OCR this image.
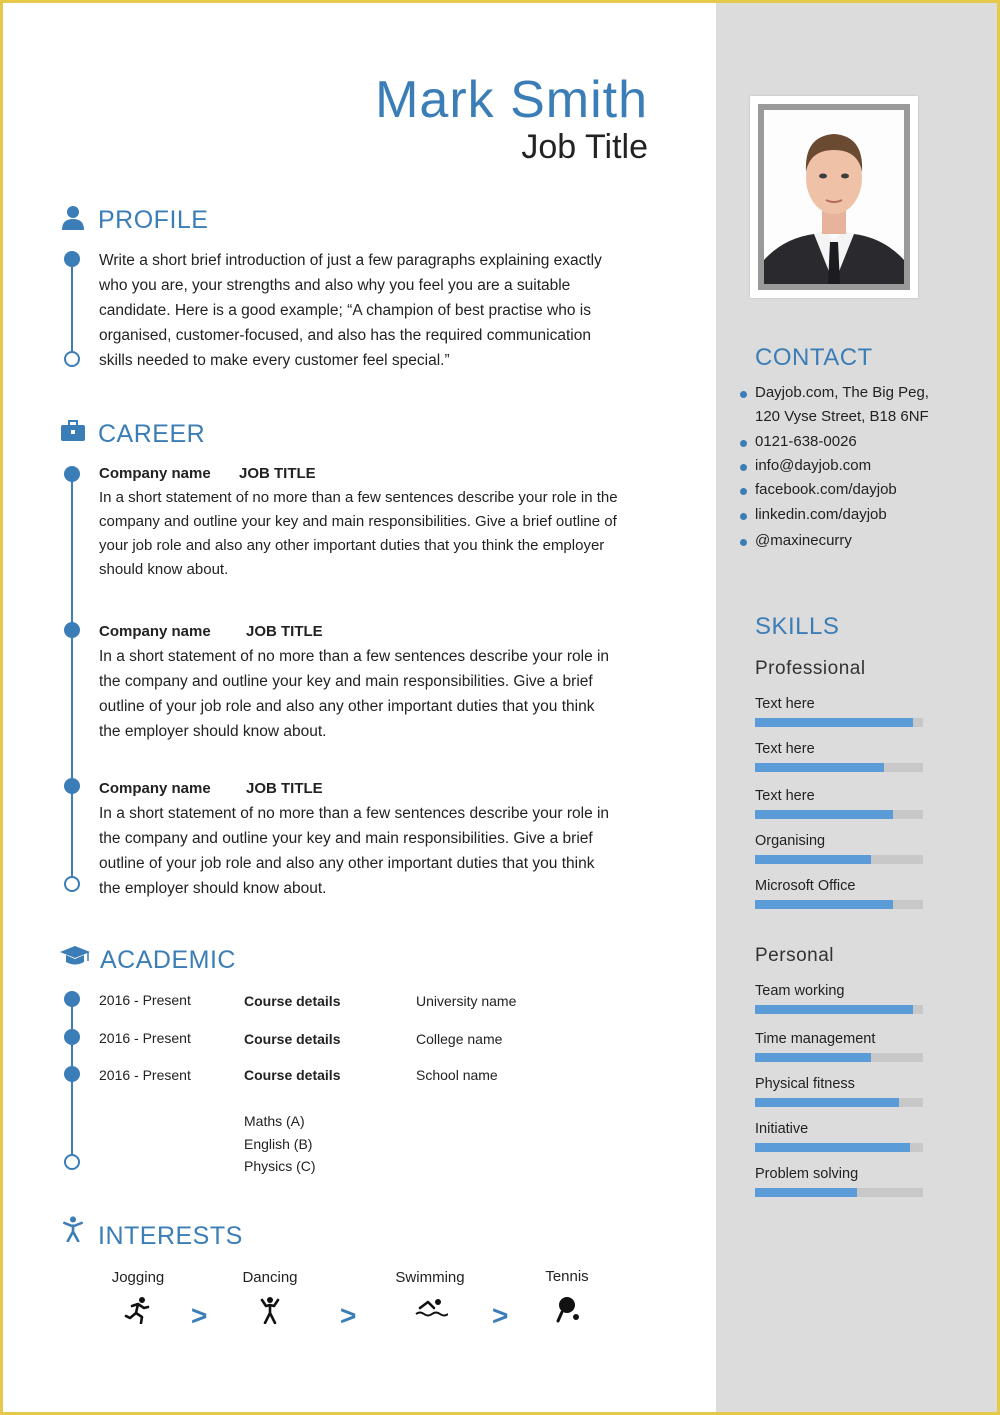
Mark Smith
Job Title
PROFILE
Write a short brief introduction of just a few paragraphs explaining exactly
who you are, your strengths and also why you feel you are a suitable
candidate. Here is a good example; “A champion of best practise who is
organised, customer-focused, and also has the required communication
skills needed to make every customer feel special.”
CAREER
Company name JOB TITLE
In a short statement of no more than a few sentences describe your role in the
company and outline your key and main responsibilities. Give a brief outline of
your job role and also any other important duties that you think the employer
should know about.
Company name JOB TITLE
In a short statement of no more than a few sentences describe your role in
the company and outline your key and main responsibilities. Give a brief
outline of your job role and also any other important duties that you think
the employer should know about.
Company name JOB TITLE
In a short statement of no more than a few sentences describe your role in
the company and outline your key and main responsibilities. Give a brief
outline of your job role and also any other important duties that you think
the employer should know about.
ACADEMIC
2016 - Present	Course details	University name
2016 - Present	Course details	College name
2016 - Present	Course details	School name
Maths (A)
English (B)
Physics (C)
INTERESTS
Jogging
>
Dancing
>
Swimming
>
Tennis
CONTACT
Dayjob.com, The Big Peg,
120 Vyse Street, B18 6NF
0121-638-0026
info@dayjob.com
facebook.com/dayjob
linkedin.com/dayjob
@maxinecurry
SKILLS
Professional
Text here
Text here
Text here
Organising
Microsoft Office
Personal
Team working
Time management
Physical fitness
Initiative
Problem solving
